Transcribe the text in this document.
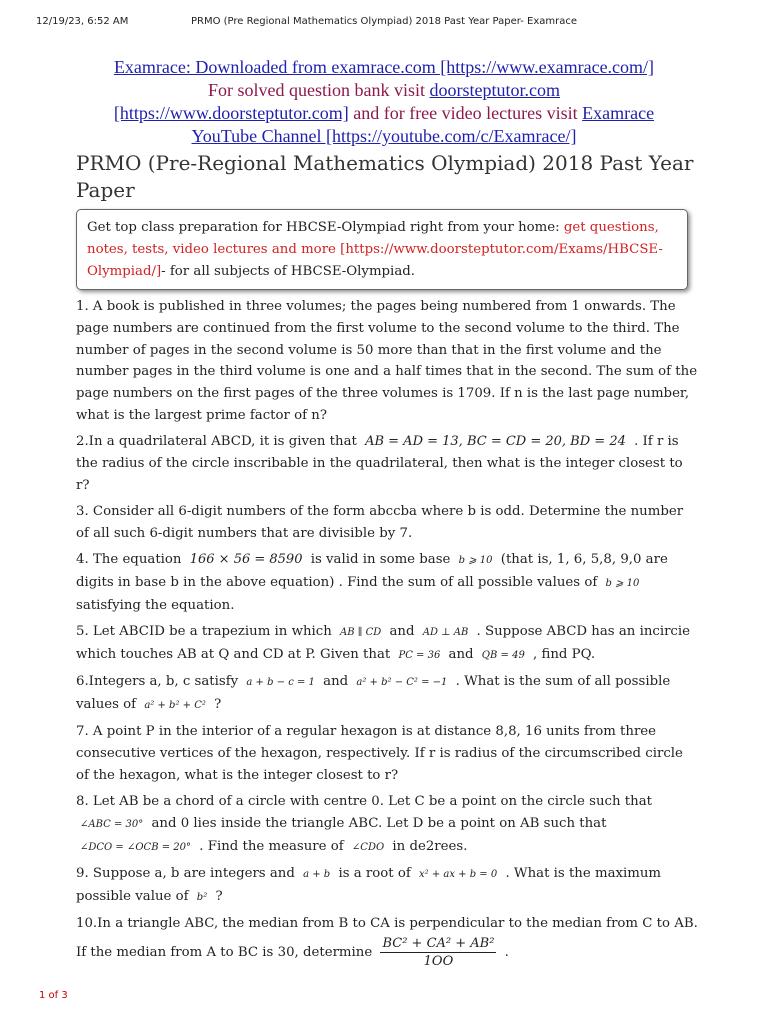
PRMO (Pre Regional Mathematics Olympiad) 2018 Past Year Paper- Examrace
12/19/23, 6:52 AM
Examrace: Downloaded from examrace.com [https://www.examrace.com/]
For solved question bank visit doorsteptutor.com
[https://www.doorsteptutor.com] and for free video lectures visit Examrace
YouTube Channel [https://youtube.com/c/Examrace/]
PRMO (Pre-Regional Mathematics Olympiad) 2018 Past Year Paper
Get top class preparation for HBCSE-Olympiad right from your home: get questions, notes, tests, video lectures and more [https://www.doorsteptutor.com/Exams/HBCSE-Olympiad/]- for all subjects of HBCSE-Olympiad.

1. A book is published in three volumes; the pages being numbered from 1 onwards. The page numbers are continued from the first volume to the second volume to the third. The number of pages in the second volume is 50 more than that in the first volume and the number pages in the third volume is one and a half times that in the second. The sum of the page numbers on the first pages of the three volumes is 1709. If n is the last page number, what is the largest prime factor of n?

2.In a quadrilateral ABCD, it is given that AB = AD = 13, BC = CD = 20, BD = 24 . If r is the radius of the circle inscribable in the quadrilateral, then what is the integer closest to r?

3. Consider all 6-digit numbers of the form abccba where b is odd. Determine the number of all such 6-digit numbers that are divisible by 7.

4. The equation 166 × 56 = 8590 is valid in some base b ⩾ 10 (that is, 1, 6, 5,8, 9,0 are digits in base b in the above equation) . Find the sum of all possible values of b ⩾ 10 satisfying the equation.

5. Let ABCID be a trapezium in which AB ∥ CD and AD ⊥ AB . Suppose ABCD has an incircie which touches AB at Q and CD at P. Given that PC = 36 and QB = 49 , find PQ.

6.Integers a, b, c satisfy a + b − c = 1 and a² + b² − C² = −1 . What is the sum of all possible values of a² + b² + C² ?

7. A point P in the interior of a regular hexagon is at distance 8,8, 16 units from three consecutive vertices of the hexagon, respectively. If r is radius of the circumscribed circle of the hexagon, what is the integer closest to r?

8. Let AB be a chord of a circle with centre 0. Let C be a point on the circle such that
∠ABC = 30° and 0 lies inside the triangle ABC. Let D be a point on AB such that
∠DCO = ∠OCB = 20° . Find the measure of ∠CDO in de2rees.

9. Suppose a, b are integers and a + b is a root of x² + ax + b = 0 . What is the maximum possible value of b² ?

10.In a triangle ABC, the median from B to CA is perpendicular to the median from C to AB. If the median from A to BC is 30, determine $\frac{\text{BC² + CA² + AB²}}{1OO}$ .

1 of 3
